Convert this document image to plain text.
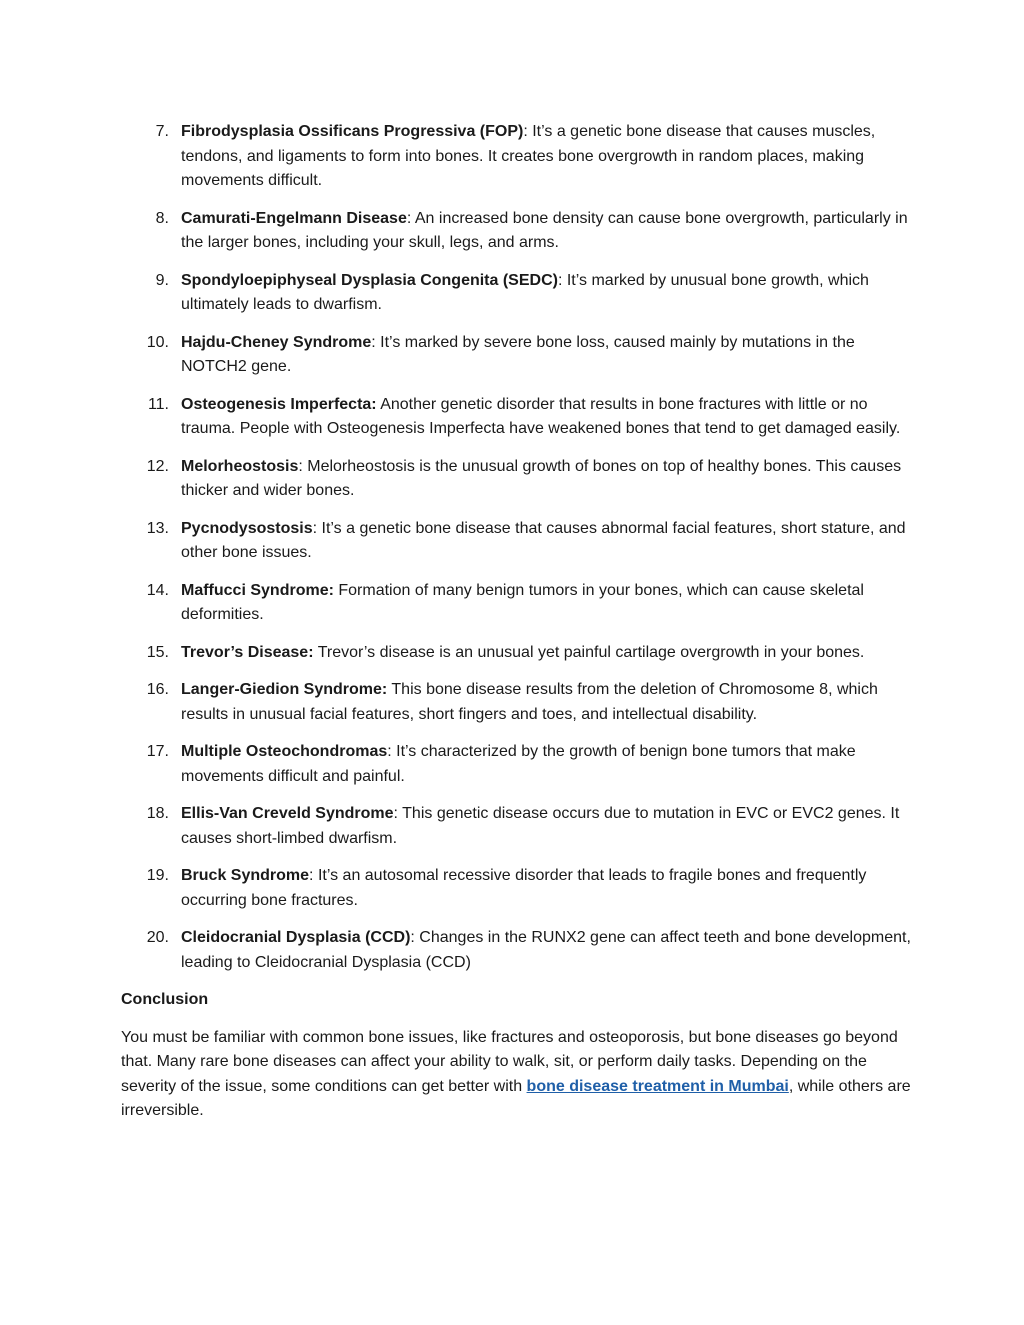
7. Fibrodysplasia Ossificans Progressiva (FOP): It’s a genetic bone disease that causes muscles, tendons, and ligaments to form into bones. It creates bone overgrowth in random places, making movements difficult.
8. Camurati-Engelmann Disease: An increased bone density can cause bone overgrowth, particularly in the larger bones, including your skull, legs, and arms.
9. Spondyloepiphyseal Dysplasia Congenita (SEDC): It’s marked by unusual bone growth, which ultimately leads to dwarfism.
10. Hajdu-Cheney Syndrome: It’s marked by severe bone loss, caused mainly by mutations in the NOTCH2 gene.
11. Osteogenesis Imperfecta: Another genetic disorder that results in bone fractures with little or no trauma. People with Osteogenesis Imperfecta have weakened bones that tend to get damaged easily.
12. Melorheostosis: Melorheostosis is the unusual growth of bones on top of healthy bones. This causes thicker and wider bones.
13. Pycnodysostosis: It’s a genetic bone disease that causes abnormal facial features, short stature, and other bone issues.
14. Maffucci Syndrome: Formation of many benign tumors in your bones, which can cause skeletal deformities.
15. Trevor’s Disease: Trevor’s disease is an unusual yet painful cartilage overgrowth in your bones.
16. Langer-Giedion Syndrome: This bone disease results from the deletion of Chromosome 8, which results in unusual facial features, short fingers and toes, and intellectual disability.
17. Multiple Osteochondromas: It’s characterized by the growth of benign bone tumors that make movements difficult and painful.
18. Ellis-Van Creveld Syndrome: This genetic disease occurs due to mutation in EVC or EVC2 genes. It causes short-limbed dwarfism.
19. Bruck Syndrome: It’s an autosomal recessive disorder that leads to fragile bones and frequently occurring bone fractures.
20. Cleidocranial Dysplasia (CCD): Changes in the RUNX2 gene can affect teeth and bone development, leading to Cleidocranial Dysplasia (CCD)
Conclusion

You must be familiar with common bone issues, like fractures and osteoporosis, but bone diseases go beyond that. Many rare bone diseases can affect your ability to walk, sit, or perform daily tasks. Depending on the severity of the issue, some conditions can get better with bone disease treatment in Mumbai, while others are irreversible.
